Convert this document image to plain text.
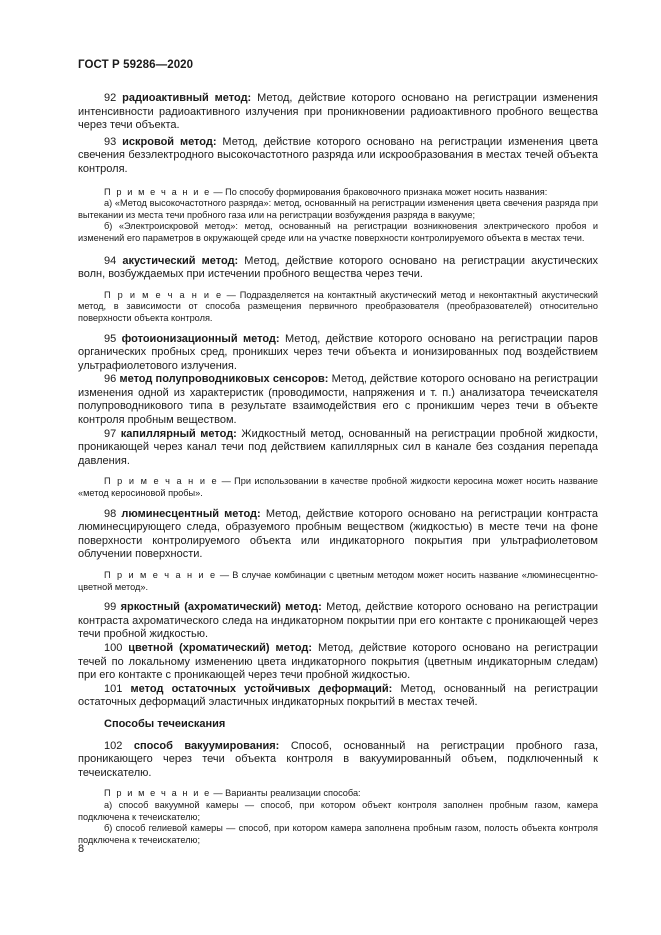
ГОСТ Р 59286—2020

92 радиоактивный метод: Метод, действие которого основано на регистрации изменения интенсивности радиоактивного излучения при проникновении радиоактивного пробного вещества через течи объекта.

93 искровой метод: Метод, действие которого основано на регистрации изменения цвета свечения безэлектродного высокочастотного разряда или искрообразования в местах течей объекта контроля.

П р и м е ч а н и е — По способу формирования браковочного признака может носить названия:

а) «Метод высокочастотного разряда»: метод, основанный на регистрации изменения цвета свечения разряда при вытекании из места течи пробного газа или на регистрации возбуждения разряда в вакууме;

б) «Электроискровой метод»: метод, основанный на регистрации возникновения электрического пробоя и изменений его параметров в окружающей среде или на участке поверхности контролируемого объекта в местах течи.

94 акустический метод: Метод, действие которого основано на регистрации акустических волн, возбуждаемых при истечении пробного вещества через течи.

П р и м е ч а н и е — Подразделяется на контактный акустический метод и неконтактный акустический метод, в зависимости от способа размещения первичного преобразователя (преобразователей) относительно поверхности объекта контроля.

95 фотоионизационный метод: Метод, действие которого основано на регистрации паров органических пробных сред, проникших через течи объекта и ионизированных под воздействием ультрафиолетового излучения.

96 метод полупроводниковых сенсоров: Метод, действие которого основано на регистрации изменения одной из характеристик (проводимости, напряжения и т. п.) анализатора течеискателя полупроводникового типа в результате взаимодействия его с проникшим через течи в объекте контроля пробным веществом.

97 капиллярный метод: Жидкостный метод, основанный на регистрации пробной жидкости, проникающей через канал течи под действием капиллярных сил в канале без создания перепада давления.

П р и м е ч а н и е — При использовании в качестве пробной жидкости керосина может носить название «метод керосиновой пробы».

98 люминесцентный метод: Метод, действие которого основано на регистрации контраста люминесцирующего следа, образуемого пробным веществом (жидкостью) в месте течи на фоне поверхности контролируемого объекта или индикаторного покрытия при ультрафиолетовом облучении поверхности.

П р и м е ч а н и е — В случае комбинации с цветным методом может носить название «люминесцентно-цветной метод».

99 яркостный (ахроматический) метод: Метод, действие которого основано на регистрации контраста ахроматического следа на индикаторном покрытии при его контакте с проникающей через течи пробной жидкостью.

100 цветной (хроматический) метод: Метод, действие которого основано на регистрации течей по локальному изменению цвета индикаторного покрытия (цветным индикаторным следам) при его контакте с проникающей через течи пробной жидкостью.

101 метод остаточных устойчивых деформаций: Метод, основанный на регистрации остаточных деформаций эластичных индикаторных покрытий в местах течей.

Способы течеискания

102 способ вакуумирования: Способ, основанный на регистрации пробного газа, проникающего через течи объекта контроля в вакуумированный объем, подключенный к течеискателю.

П р и м е ч а н и е — Варианты реализации способа:

а) способ вакуумной камеры — способ, при котором объект контроля заполнен пробным газом, камера подключена к течеискателю;

б) способ гелиевой камеры — способ, при котором камера заполнена пробным газом, полость объекта контроля подключена к течеискателю;

8
